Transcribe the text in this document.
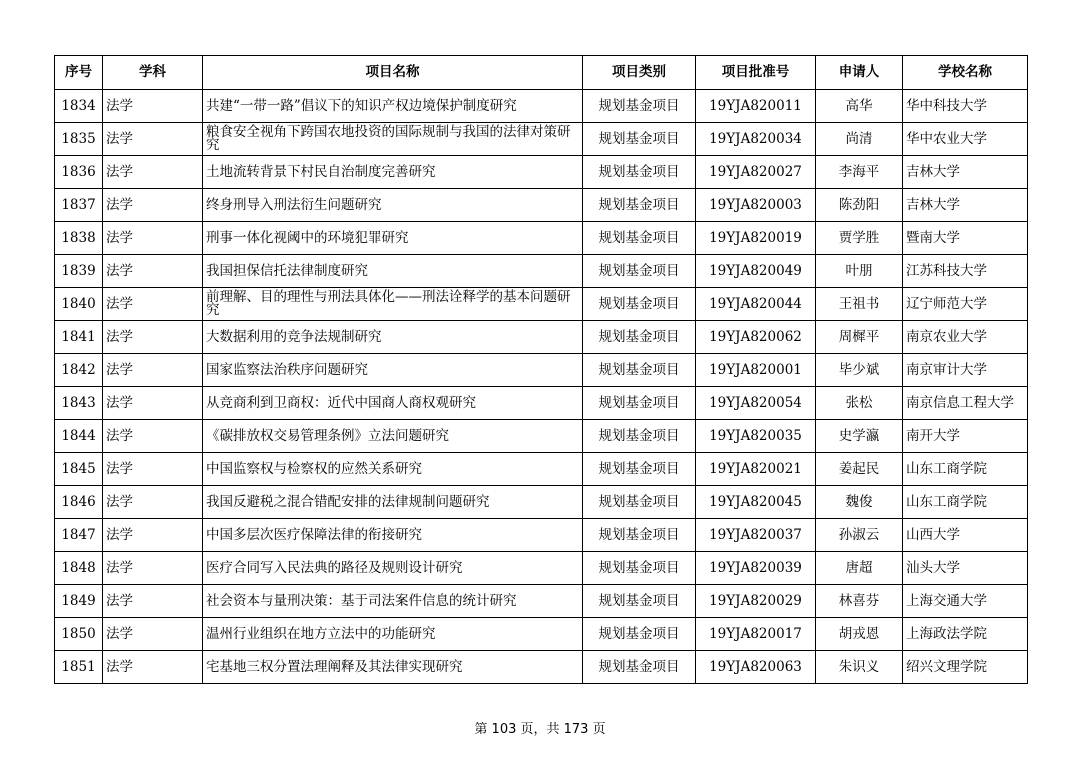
序号	学科	项目名称	项目类别	项目批准号	申请人	学校名称
1834	法学	共建“一带一路”倡议下的知识产权边境保护制度研究	规划基金项目	19YJA820011	高华	华中科技大学
1835	法学	粮食安全视角下跨国农地投资的国际规制与我国的法律对策研究	规划基金项目	19YJA820034	尚清	华中农业大学
1836	法学	土地流转背景下村民自治制度完善研究	规划基金项目	19YJA820027	李海平	吉林大学
1837	法学	终身刑导入刑法衍生问题研究	规划基金项目	19YJA820003	陈劲阳	吉林大学
1838	法学	刑事一体化视阈中的环境犯罪研究	规划基金项目	19YJA820019	贾学胜	暨南大学
1839	法学	我国担保信托法律制度研究	规划基金项目	19YJA820049	叶朋	江苏科技大学
1840	法学	前理解、目的理性与刑法具体化——刑法诠释学的基本问题研究	规划基金项目	19YJA820044	王祖书	辽宁师范大学
1841	法学	大数据利用的竞争法规制研究	规划基金项目	19YJA820062	周樨平	南京农业大学
1842	法学	国家监察法治秩序问题研究	规划基金项目	19YJA820001	毕少斌	南京审计大学
1843	法学	从竞商利到卫商权：近代中国商人商权观研究	规划基金项目	19YJA820054	张松	南京信息工程大学
1844	法学	《碳排放权交易管理条例》立法问题研究	规划基金项目	19YJA820035	史学瀛	南开大学
1845	法学	中国监察权与检察权的应然关系研究	规划基金项目	19YJA820021	姜起民	山东工商学院
1846	法学	我国反避税之混合错配安排的法律规制问题研究	规划基金项目	19YJA820045	魏俊	山东工商学院
1847	法学	中国多层次医疗保障法律的衔接研究	规划基金项目	19YJA820037	孙淑云	山西大学
1848	法学	医疗合同写入民法典的路径及规则设计研究	规划基金项目	19YJA820039	唐超	汕头大学
1849	法学	社会资本与量刑决策：基于司法案件信息的统计研究	规划基金项目	19YJA820029	林喜芬	上海交通大学
1850	法学	温州行业组织在地方立法中的功能研究	规划基金项目	19YJA820017	胡戎恩	上海政法学院
1851	法学	宅基地三权分置法理阐释及其法律实现研究	规划基金项目	19YJA820063	朱识义	绍兴文理学院
第 103 页，共 173 页
